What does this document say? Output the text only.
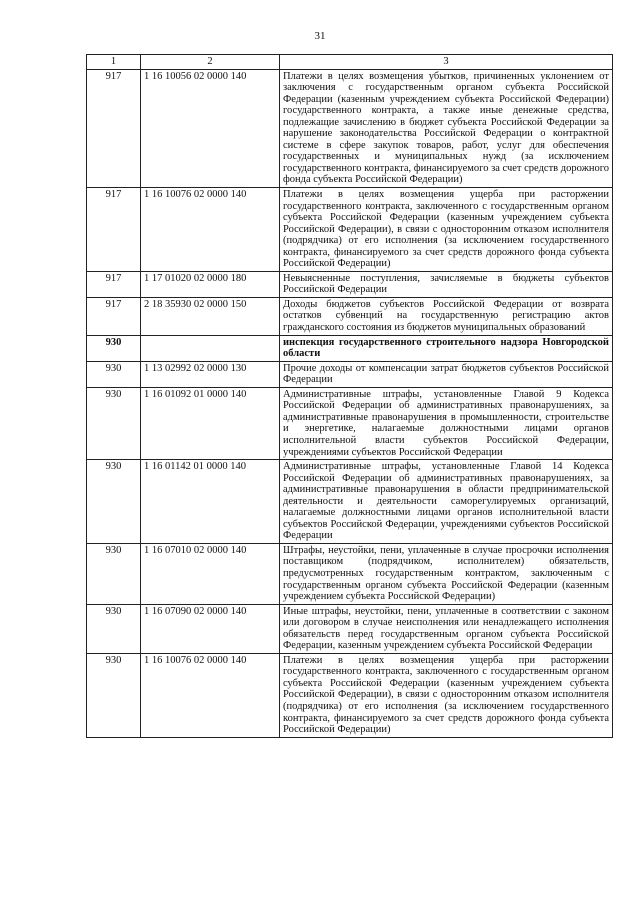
31
1	2	3
917	1 16 10056 02 0000 140	Платежи в целях возмещения убытков, причиненных уклонением от заключения с государственным органом субъекта Российской Федерации (казенным учреждением субъекта Российской Федерации) государственного контракта, а также иные денежные средства, подлежащие зачислению в бюджет субъекта Российской Федерации за нарушение законодательства Российской Федерации о контрактной системе в сфере закупок товаров, работ, услуг для обеспечения государственных и муниципальных нужд (за исключением государственного контракта, финансируемого за счет средств дорожного фонда субъекта Российской Федерации)
917	1 16 10076 02 0000 140	Платежи в целях возмещения ущерба при расторжении государственного контракта, заключенного с государственным органом субъекта Российской Федерации (казенным учреждением субъекта Российской Федерации), в связи с односторонним отказом исполнителя (подрядчика) от его исполнения (за исключением государственного контракта, финансируемого за счет средств дорожного фонда субъекта Российской Федерации)
917	1 17 01020 02 0000 180	Невыясненные поступления, зачисляемые в бюджеты субъектов Российской Федерации
917	2 18 35930 02 0000 150	Доходы бюджетов субъектов Российской Федерации от возврата остатков субвенций на государственную регистрацию актов гражданского состояния из бюджетов муниципальных образований
930		инспекция государственного строительного надзора Новгородской области
930	1 13 02992 02 0000 130	Прочие доходы от компенсации затрат бюджетов субъектов Российской Федерации
930	1 16 01092 01 0000 140	Административные штрафы, установленные Главой 9 Кодекса Российской Федерации об административных правонарушениях, за административные правонарушения в промышленности, строительстве и энергетике, налагаемые должностными лицами органов исполнительной власти субъектов Российской Федерации, учреждениями субъектов Российской Федерации
930	1 16 01142 01 0000 140	Административные штрафы, установленные Главой 14 Кодекса Российской Федерации об административных правонарушениях, за административные правонарушения в области предпринимательской деятельности и деятельности саморегулируемых организаций, налагаемые должностными лицами органов исполнительной власти субъектов Российской Федерации, учреждениями субъектов Российской Федерации
930	1 16 07010 02 0000 140	Штрафы, неустойки, пени, уплаченные в случае просрочки исполнения поставщиком (подрядчиком, исполнителем) обязательств, предусмотренных государственным контрактом, заключенным с государственным органом субъекта Российской Федерации (казенным учреждением субъекта Российской Федерации)
930	1 16 07090 02 0000 140	Иные штрафы, неустойки, пени, уплаченные в соответствии с законом или договором в случае неисполнения или ненадлежащего исполнения обязательств перед государственным органом субъекта Российской Федерации, казенным учреждением субъекта Российской Федерации
930	1 16 10076 02 0000 140	Платежи в целях возмещения ущерба при расторжении государственного контракта, заключенного с государственным органом субъекта Российской Федерации (казенным учреждением субъекта Российской Федерации), в связи с односторонним отказом исполнителя (подрядчика) от его исполнения (за исключением государственного контракта, финансируемого за счет средств дорожного фонда субъекта Российской Федерации)
